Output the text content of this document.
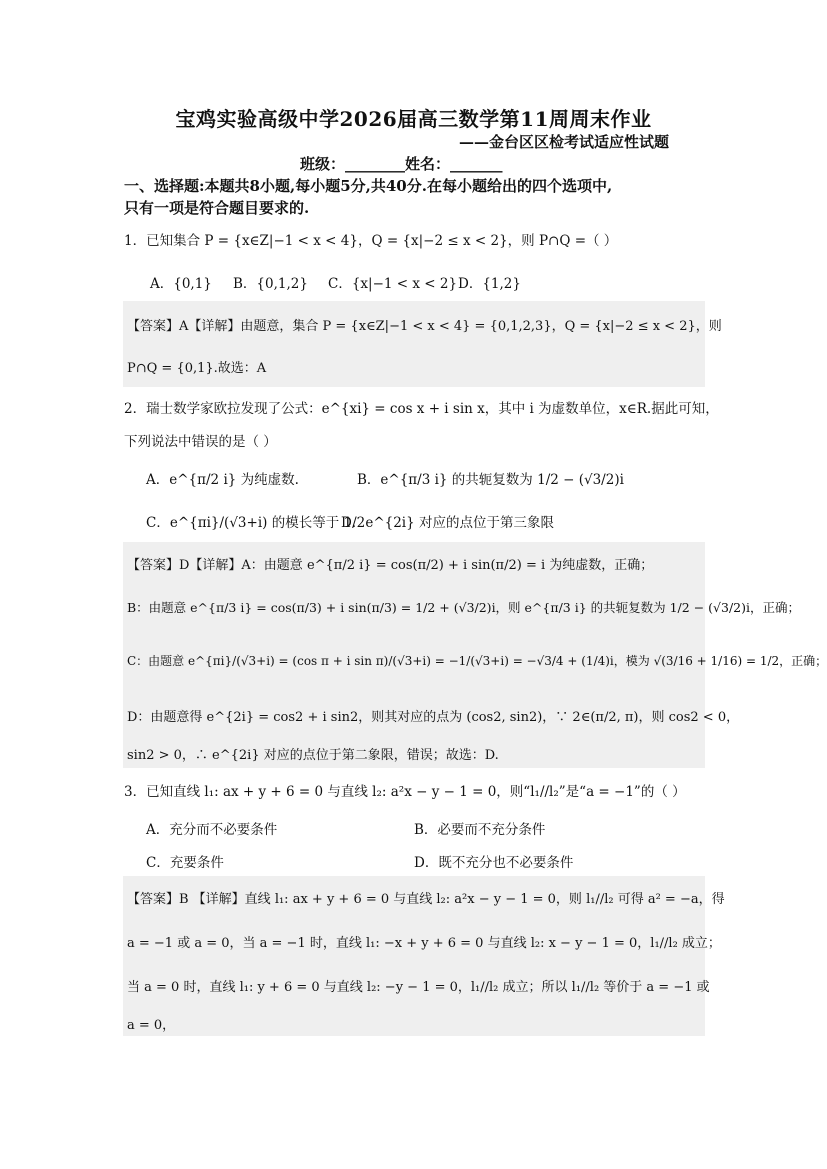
宝鸡实验高级中学2026届高三数学第11周周末作业
——金台区区检考试适应性试题
班级：________姓名：_______
一、选择题:本题共8小题,每小题5分,共40分.在每小题给出的四个选项中,
只有一项是符合题目要求的.
1．已知集合 P = {x∈Z|−1 < x < 4}，Q = {x|−2 ≤ x < 2}，则 P∩Q =（ ）
A．{0,1} B．{0,1,2} C．{x|−1 < x < 2} D．{1,2}
【答案】A【详解】由题意，集合 P = {x∈Z|−1 < x < 4} = {0,1,2,3}，Q = {x|−2 ≤ x < 2}，则
P∩Q = {0,1}.故选：A
2．瑞士数学家欧拉发现了公式：e^{xi} = cos x + i sin x，其中 i 为虚数单位，x∈R.据此可知，
下列说法中错误的是（ ）
A．e^{π/2 i} 为纯虚数.	B．e^{π/3 i} 的共轭复数为 1/2 − (√3/2)i
C．e^{πi}/(√3+i) 的模长等于 1/2
D．e^{2i} 对应的点位于第三象限
【答案】D【详解】A：由题意 e^{π/2 i} = cos(π/2) + i sin(π/2) = i 为纯虚数，正确；
B：由题意 e^{π/3 i} = cos(π/3) + i sin(π/3) = 1/2 + (√3/2)i，则 e^{π/3 i} 的共轭复数为 1/2 − (√3/2)i，正确；
C：由题意 e^{πi}/(√3+i) = (cos π + i sin π)/(√3+i) = −1/(√3+i) = −√3/4 + (1/4)i，模为 √(3/16 + 1/16) = 1/2，正确；
D：由题意得 e^{2i} = cos2 + i sin2，则其对应的点为 (cos2, sin2)，∵ 2∈(π/2, π)，则 cos2 < 0，
sin2 > 0，∴ e^{2i} 对应的点位于第二象限，错误；故选：D.
3．已知直线 l₁: ax + y + 6 = 0 与直线 l₂: a²x − y − 1 = 0，则“l₁//l₂”是“a = −1”的（ ）
A．充分而不必要条件	B．必要而不充分条件
C．充要条件	D．既不充分也不必要条件
【答案】B 【详解】直线 l₁: ax + y + 6 = 0 与直线 l₂: a²x − y − 1 = 0，则 l₁//l₂ 可得 a² = −a，得
a = −1 或 a = 0，当 a = −1 时，直线 l₁: −x + y + 6 = 0 与直线 l₂: x − y − 1 = 0，l₁//l₂ 成立；
当 a = 0 时，直线 l₁: y + 6 = 0 与直线 l₂: −y − 1 = 0，l₁//l₂ 成立；所以 l₁//l₂ 等价于 a = −1 或
a = 0，
